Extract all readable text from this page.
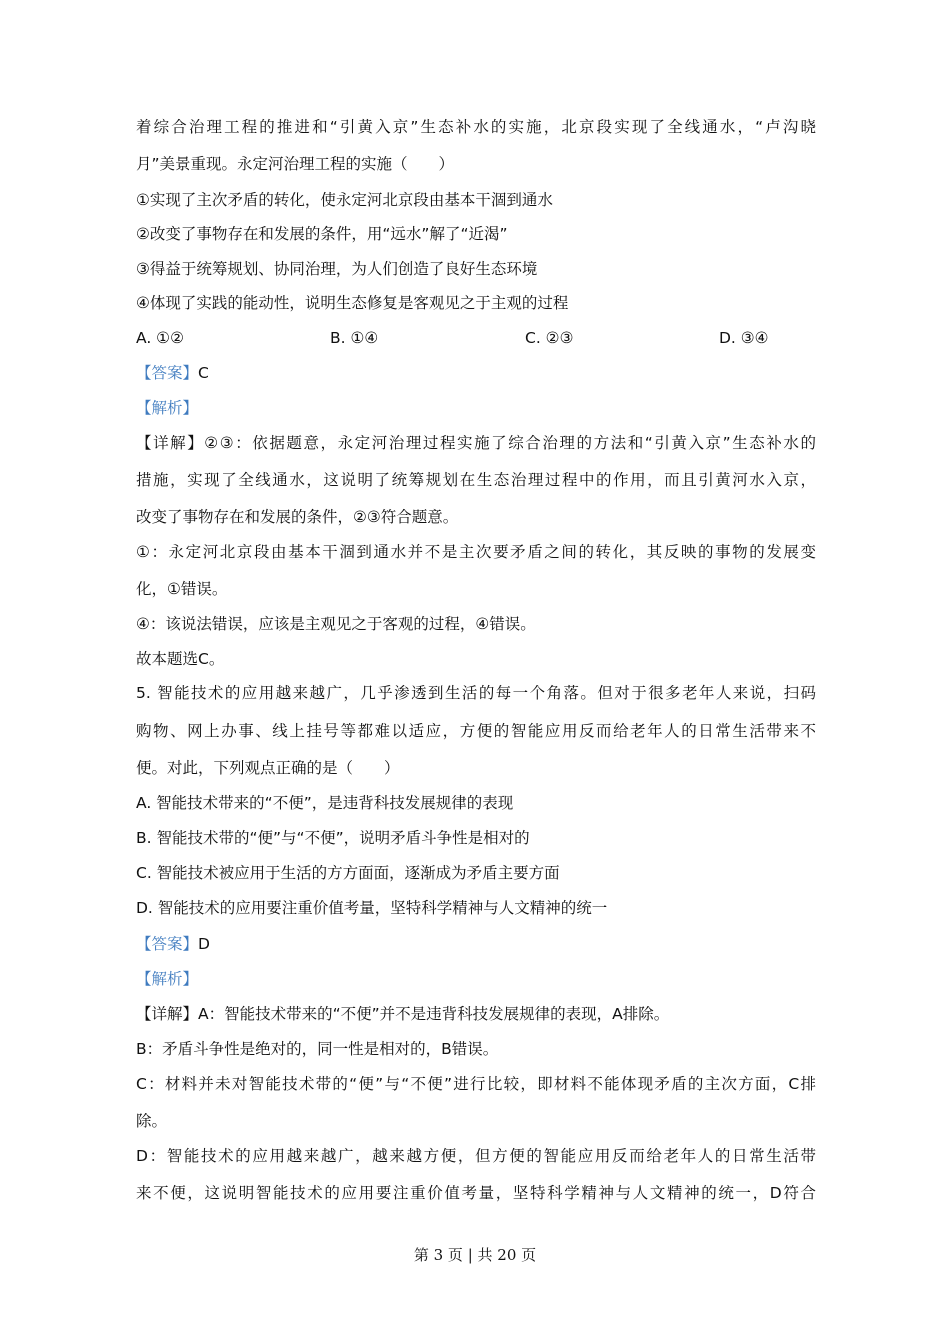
着综合治理工程的推进和“引黄入京”生态补水的实施，北京段实现了全线通水，“卢沟晓
月”美景重现。永定河治理工程的实施（　　）
①实现了主次矛盾的转化，使永定河北京段由基本干涸到通水
②改变了事物存在和发展的条件，用“远水”解了“近渴”
③得益于统筹规划、协同治理，为人们创造了良好生态环境
④体现了实践的能动性，说明生态修复是客观见之于主观的过程
A. ①②	B. ①④	C. ②③	D. ③④
【答案】C
【解析】
【详解】②③：依据题意，永定河治理过程实施了综合治理的方法和“引黄入京”生态补水的
措施，实现了全线通水，这说明了统筹规划在生态治理过程中的作用，而且引黄河水入京，
改变了事物存在和发展的条件，②③符合题意。
①：永定河北京段由基本干涸到通水并不是主次要矛盾之间的转化，其反映的事物的发展变
化，①错误。
④：该说法错误，应该是主观见之于客观的过程，④错误。
故本题选C。
5. 智能技术的应用越来越广，几乎渗透到生活的每一个角落。但对于很多老年人来说，扫码
购物、网上办事、线上挂号等都难以适应，方便的智能应用反而给老年人的日常生活带来不
便。对此，下列观点正确的是（　　）
A. 智能技术带来的“不便”，是违背科技发展规律的表现
B. 智能技术带的“便”与“不便”，说明矛盾斗争性是相对的
C. 智能技术被应用于生活的方方面面，逐渐成为矛盾主要方面
D. 智能技术的应用要注重价值考量，坚特科学精神与人文精神的统一
【答案】D
【解析】
【详解】A：智能技术带来的“不便”并不是违背科技发展规律的表现，A排除。
B：矛盾斗争性是绝对的，同一性是相对的，B错误。
C：材料并未对智能技术带的“便”与“不便”进行比较，即材料不能体现矛盾的主次方面，C排
除。
D：智能技术的应用越来越广，越来越方便，但方便的智能应用反而给老年人的日常生活带
来不便，这说明智能技术的应用要注重价值考量，坚特科学精神与人文精神的统一，D符合
第 3 页 | 共 20 页
